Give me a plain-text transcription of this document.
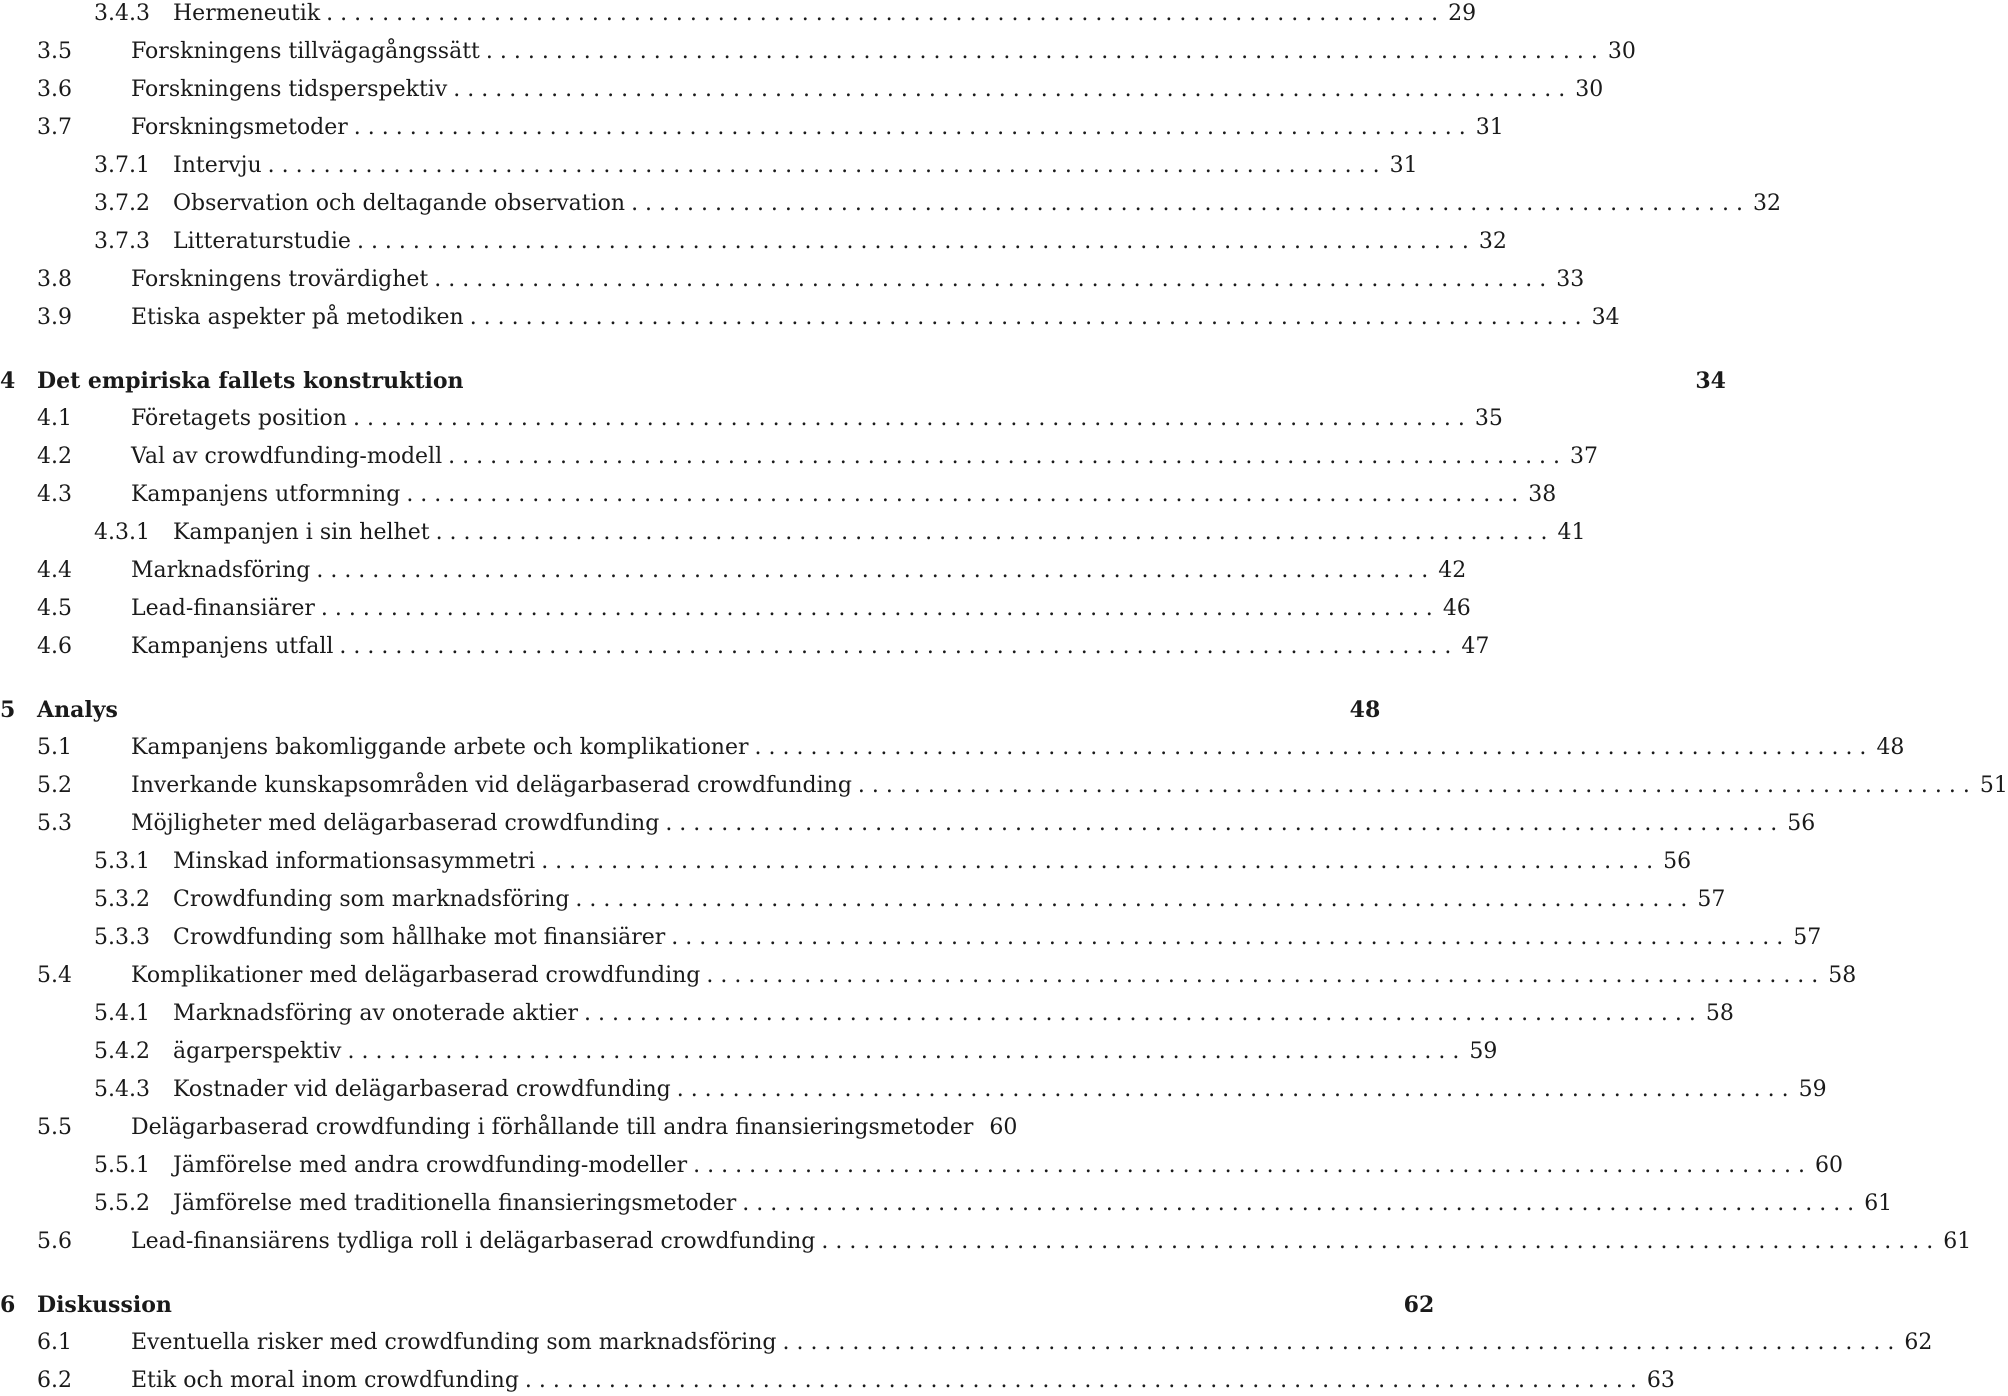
3.4.3	Hermeneutik . . . . . . . . . . . . . . . . . . . . . . . . . . . . . . . . . . . . . . . . . . . . . . . . . . . . . . . . . . . . . . . . . . . . . . . . . . . . . . . . 29
3.5	Forskningens tillvägagångssätt . . . . . . . . . . . . . . . . . . . . . . . . . . . . . . . . . . . . . . . . . . . . . . . . . . . . . . . . . . . . . . . . . . . . . . . . . . . . . . . . 30
3.6	Forskningens tidsperspektiv . . . . . . . . . . . . . . . . . . . . . . . . . . . . . . . . . . . . . . . . . . . . . . . . . . . . . . . . . . . . . . . . . . . . . . . . . . . . . . . . 30
3.7	Forskningsmetoder . . . . . . . . . . . . . . . . . . . . . . . . . . . . . . . . . . . . . . . . . . . . . . . . . . . . . . . . . . . . . . . . . . . . . . . . . . . . . . . . 31
3.7.1	Intervju . . . . . . . . . . . . . . . . . . . . . . . . . . . . . . . . . . . . . . . . . . . . . . . . . . . . . . . . . . . . . . . . . . . . . . . . . . . . . . . . 31
3.7.2	Observation och deltagande observation . . . . . . . . . . . . . . . . . . . . . . . . . . . . . . . . . . . . . . . . . . . . . . . . . . . . . . . . . . . . . . . . . . . . . . . . . . . . . . . . 32
3.7.3	Litteraturstudie . . . . . . . . . . . . . . . . . . . . . . . . . . . . . . . . . . . . . . . . . . . . . . . . . . . . . . . . . . . . . . . . . . . . . . . . . . . . . . . . 32
3.8	Forskningens trovärdighet . . . . . . . . . . . . . . . . . . . . . . . . . . . . . . . . . . . . . . . . . . . . . . . . . . . . . . . . . . . . . . . . . . . . . . . . . . . . . . . . 33
3.9	Etiska aspekter på metodiken . . . . . . . . . . . . . . . . . . . . . . . . . . . . . . . . . . . . . . . . . . . . . . . . . . . . . . . . . . . . . . . . . . . . . . . . . . . . . . . . 34
4 Det empiriska fallets konstruktion	34
4.1	Företagets position . . . . . . . . . . . . . . . . . . . . . . . . . . . . . . . . . . . . . . . . . . . . . . . . . . . . . . . . . . . . . . . . . . . . . . . . . . . . . . . . 35
4.2	Val av crowdfunding-modell . . . . . . . . . . . . . . . . . . . . . . . . . . . . . . . . . . . . . . . . . . . . . . . . . . . . . . . . . . . . . . . . . . . . . . . . . . . . . . . . 37
4.3	Kampanjens utformning . . . . . . . . . . . . . . . . . . . . . . . . . . . . . . . . . . . . . . . . . . . . . . . . . . . . . . . . . . . . . . . . . . . . . . . . . . . . . . . . 38
4.3.1	Kampanjen i sin helhet . . . . . . . . . . . . . . . . . . . . . . . . . . . . . . . . . . . . . . . . . . . . . . . . . . . . . . . . . . . . . . . . . . . . . . . . . . . . . . . . 41
4.4	Marknadsföring . . . . . . . . . . . . . . . . . . . . . . . . . . . . . . . . . . . . . . . . . . . . . . . . . . . . . . . . . . . . . . . . . . . . . . . . . . . . . . . . 42
4.5	Lead-finansiärer . . . . . . . . . . . . . . . . . . . . . . . . . . . . . . . . . . . . . . . . . . . . . . . . . . . . . . . . . . . . . . . . . . . . . . . . . . . . . . . . 46
4.6	Kampanjens utfall . . . . . . . . . . . . . . . . . . . . . . . . . . . . . . . . . . . . . . . . . . . . . . . . . . . . . . . . . . . . . . . . . . . . . . . . . . . . . . . . 47
5 Analys	48
5.1	Kampanjens bakomliggande arbete och komplikationer . . . . . . . . . . . . . . . . . . . . . . . . . . . . . . . . . . . . . . . . . . . . . . . . . . . . . . . . . . . . . . . . . . . . . . . . . . . . . . . . 48
5.2	Inverkande kunskapsområden vid delägarbaserad crowdfunding . . . . . . . . . . . . . . . . . . . . . . . . . . . . . . . . . . . . . . . . . . . . . . . . . . . . . . . . . . . . . . . . . . . . . . . . . . . . . . . . 51
5.3	Möjligheter med delägarbaserad crowdfunding . . . . . . . . . . . . . . . . . . . . . . . . . . . . . . . . . . . . . . . . . . . . . . . . . . . . . . . . . . . . . . . . . . . . . . . . . . . . . . . . 56
5.3.1	Minskad informationsasymmetri . . . . . . . . . . . . . . . . . . . . . . . . . . . . . . . . . . . . . . . . . . . . . . . . . . . . . . . . . . . . . . . . . . . . . . . . . . . . . . . . 56
5.3.2	Crowdfunding som marknadsföring . . . . . . . . . . . . . . . . . . . . . . . . . . . . . . . . . . . . . . . . . . . . . . . . . . . . . . . . . . . . . . . . . . . . . . . . . . . . . . . . 57
5.3.3	Crowdfunding som hållhake mot finansiärer . . . . . . . . . . . . . . . . . . . . . . . . . . . . . . . . . . . . . . . . . . . . . . . . . . . . . . . . . . . . . . . . . . . . . . . . . . . . . . . . 57
5.4	Komplikationer med delägarbaserad crowdfunding . . . . . . . . . . . . . . . . . . . . . . . . . . . . . . . . . . . . . . . . . . . . . . . . . . . . . . . . . . . . . . . . . . . . . . . . . . . . . . . . 58
5.4.1	Marknadsföring av onoterade aktier . . . . . . . . . . . . . . . . . . . . . . . . . . . . . . . . . . . . . . . . . . . . . . . . . . . . . . . . . . . . . . . . . . . . . . . . . . . . . . . . 58
5.4.2	ägarperspektiv . . . . . . . . . . . . . . . . . . . . . . . . . . . . . . . . . . . . . . . . . . . . . . . . . . . . . . . . . . . . . . . . . . . . . . . . . . . . . . . . 59
5.4.3	Kostnader vid delägarbaserad crowdfunding . . . . . . . . . . . . . . . . . . . . . . . . . . . . . . . . . . . . . . . . . . . . . . . . . . . . . . . . . . . . . . . . . . . . . . . . . . . . . . . . 59
5.5	Delägarbaserad crowdfunding i förhållande till andra finansieringsmetoder 60
5.5.1	Jämförelse med andra crowdfunding-modeller . . . . . . . . . . . . . . . . . . . . . . . . . . . . . . . . . . . . . . . . . . . . . . . . . . . . . . . . . . . . . . . . . . . . . . . . . . . . . . . . 60
5.5.2	Jämförelse med traditionella finansieringsmetoder . . . . . . . . . . . . . . . . . . . . . . . . . . . . . . . . . . . . . . . . . . . . . . . . . . . . . . . . . . . . . . . . . . . . . . . . . . . . . . . . 61
5.6	Lead-finansiärens tydliga roll i delägarbaserad crowdfunding . . . . . . . . . . . . . . . . . . . . . . . . . . . . . . . . . . . . . . . . . . . . . . . . . . . . . . . . . . . . . . . . . . . . . . . . . . . . . . . . 61
6 Diskussion	62
6.1	Eventuella risker med crowdfunding som marknadsföring . . . . . . . . . . . . . . . . . . . . . . . . . . . . . . . . . . . . . . . . . . . . . . . . . . . . . . . . . . . . . . . . . . . . . . . . . . . . . . . . 62
6.2	Etik och moral inom crowdfunding . . . . . . . . . . . . . . . . . . . . . . . . . . . . . . . . . . . . . . . . . . . . . . . . . . . . . . . . . . . . . . . . . . . . . . . . . . . . . . . . 63
